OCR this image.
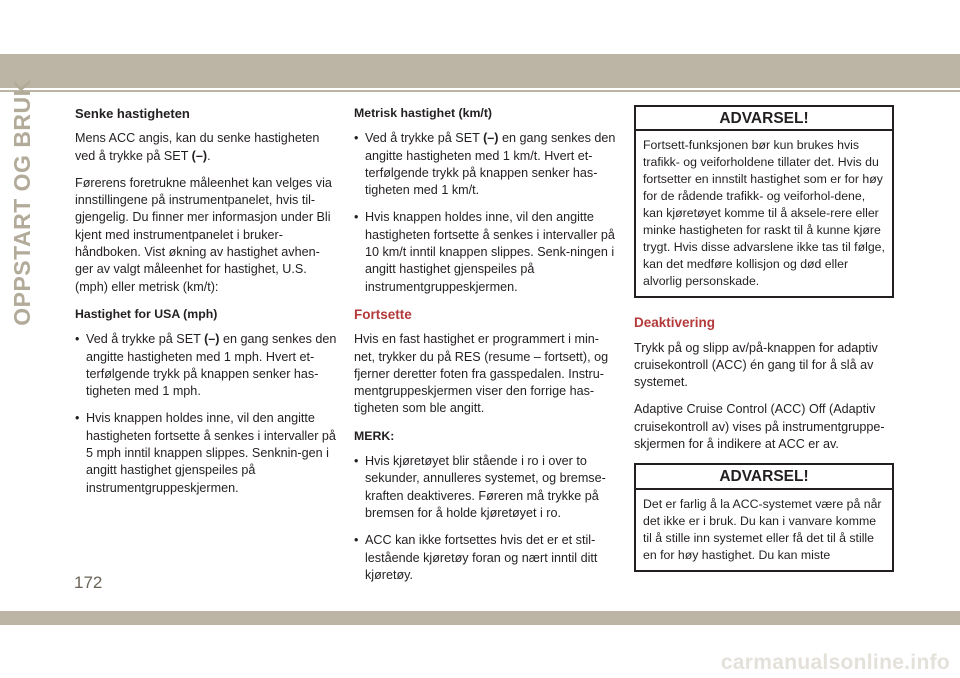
OPPSTART OG BRUK	Senke hastigheten

Mens ACC angis, kan du senke hastigheten ved å trykke på SET (–).

Førerens foretrukne måleenhet kan velges via innstillingene på instrumentpanelet, hvis til-gjengelig. Du finner mer informasjon under Bli kjent med instrumentpanelet i bruker-håndboken. Vist økning av hastighet avhen-ger av valgt måleenhet for hastighet, U.S. (mph) eller metrisk (km/t):

Hastighet for USA (mph)
• Ved å trykke på SET (–) en gang senkes den angitte hastigheten med 1 mph. Hvert et-terfølgende trykk på knappen senker has-tigheten med 1 mph.
• Hvis knappen holdes inne, vil den angitte hastigheten fortsette å senkes i intervaller på 5 mph inntil knappen slippes. Senknin-gen i angitt hastighet gjenspeiles på instrumentgruppeskjermen.
Metrisk hastighet (km/t)
• Ved å trykke på SET (–) en gang senkes den angitte hastigheten med 1 km/t. Hvert et-terfølgende trykk på knappen senker has-tigheten med 1 km/t.
• Hvis knappen holdes inne, vil den angitte hastigheten fortsette å senkes i intervaller på 10 km/t inntil knappen slippes. Senk-ningen i angitt hastighet gjenspeiles på instrumentgruppeskjermen.
Fortsette

Hvis en fast hastighet er programmert i min-net, trykker du på RES (resume – fortsett), og fjerner deretter foten fra gasspedalen. Instru-mentgruppeskjermen viser den forrige has-tigheten som ble angitt.

MERK:
• Hvis kjøretøyet blir stående i ro i over to sekunder, annulleres systemet, og bremse-kraften deaktiveres. Føreren må trykke på bremsen for å holde kjøretøyet i ro.
• ACC kan ikke fortsettes hvis det er et stil-lestående kjøretøy foran og nært inntil ditt kjøretøy.
ADVARSEL!
Fortsett-funksjonen bør kun brukes hvis trafikk- og veiforholdene tillater det. Hvis du fortsetter en innstilt hastighet som er for høy for de rådende trafikk- og veiforhol-dene, kan kjøretøyet komme til å aksele-rere eller minke hastigheten for raskt til å kunne kjøre trygt. Hvis disse advarslene ikke tas til følge, kan det medføre kollisjon og død eller alvorlig personskade.
Deaktivering

Trykk på og slipp av/på-knappen for adaptiv cruisekontroll (ACC) én gang til for å slå av systemet.

Adaptive Cruise Control (ACC) Off (Adaptiv cruisekontroll av) vises på instrumentgruppe-skjermen for å indikere at ACC er av.

ADVARSEL!
Det er farlig å la ACC-systemet være på når det ikke er i bruk. Du kan i vanvare komme til å stille inn systemet eller få det til å stille en for høy hastighet. Du kan miste
172
carmanualsonline.info
